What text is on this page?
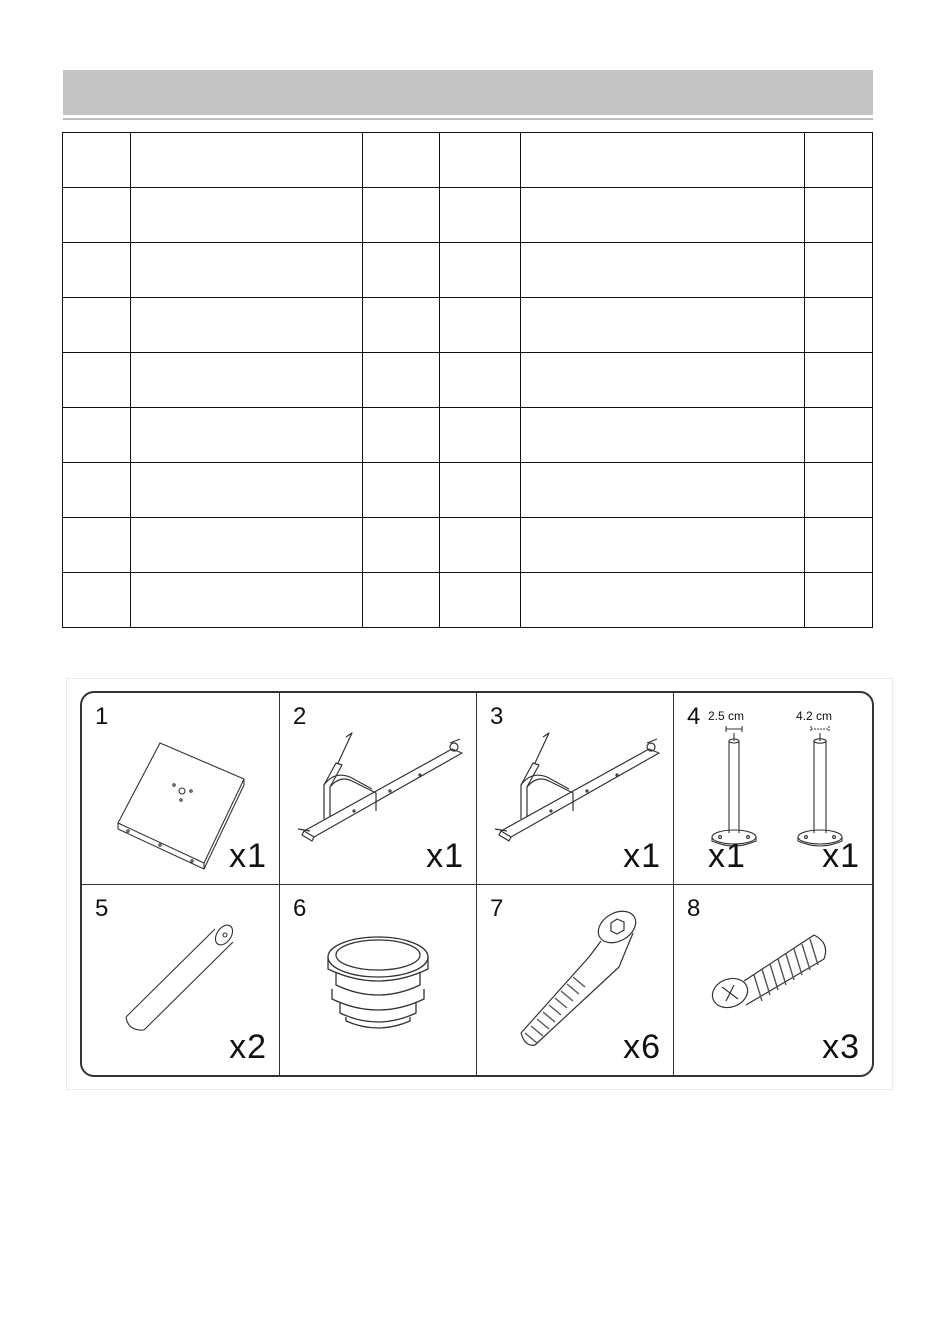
1
x1
2
x1
3
x1
4 2.5 cm	4.2 cm
x1 x1
5
x2
6	7
x6
8
x3
